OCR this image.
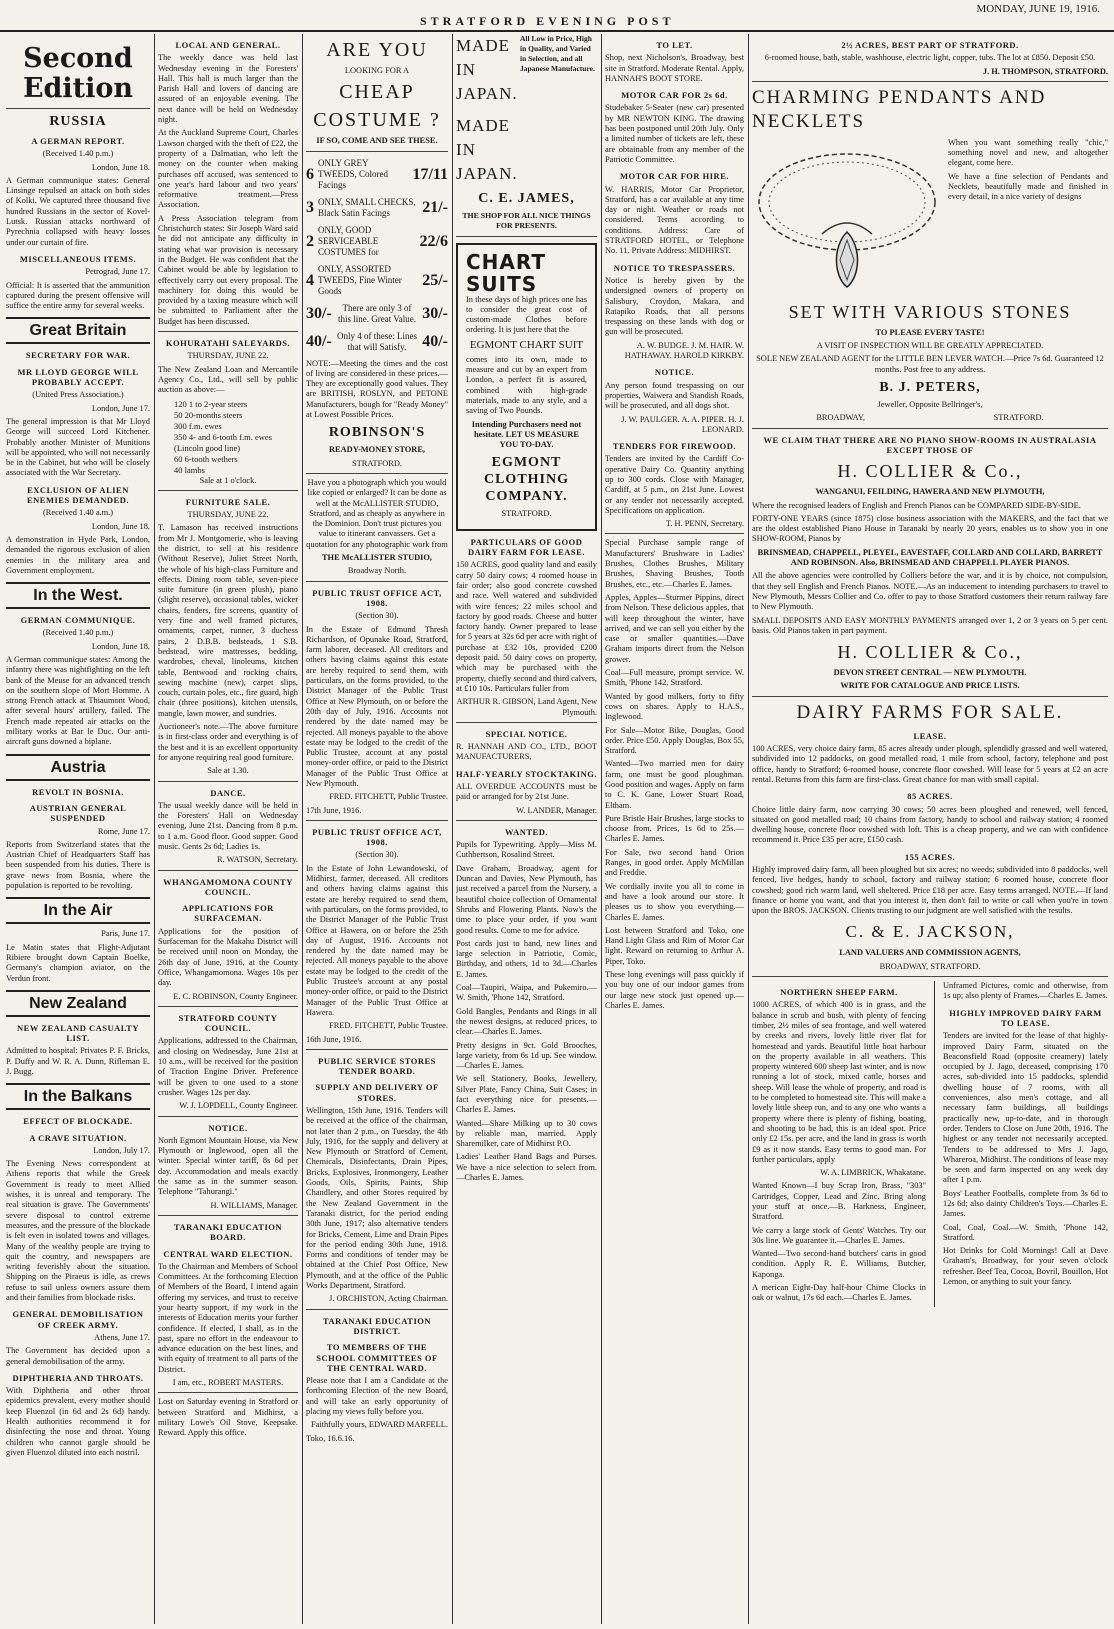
STRATFORD EVENING POST
MONDAY, JUNE 19, 1916.
Second Edition
RUSSIA
A GERMAN REPORT.

(Received 1.40 p.m.)

London, June 18.

A German communique states: General Linsinge repulsed an attack on both sides of Kolki. We captured three thousand five hundred Russians in the sector of Kovel-Lutsk. Russian attacks northward of Pyrechnia collapsed with heavy losses under our curtain of fire.

MISCELLANEOUS ITEMS.

Petrograd, June 17.

Official: It is asserted that the ammunition captured during the present offensive will suffice the entire army for several weeks.

Great Britain
SECRETARY FOR WAR.
MR LLOYD GEORGE WILL PROBABLY ACCEPT.

(United Press Association.)

London, June 17.

The general impression is that Mr Lloyd George will succeed Lord Kitchener. Probably another Minister of Munitions will be appointed, who will not necessarily be in the Cabinet, but who will be closely associated with the War Secretary.

EXCLUSION OF ALIEN ENEMIES DEMANDED.

(Received 1.40 a.m.)

London, June 18.

A demonstration in Hyde Park, London, demanded the rigorous exclusion of alien enemies in the military area and Government employment.

In the West.
GERMAN COMMUNIQUE.

(Received 1.40 p.m.)

London, June 18.

A German communique states: Among the infantry there was nightfighting on the left bank of the Meuse for an advanced trench on the southern slope of Mort Homme. A strong French attack at Thiaumont Wood, after several hours' artillery, failed. The French made repeated air attacks on the military works at Bar le Duc. Our anti-aircraft guns downed a biplane.

Austria
REVOLT IN BOSNIA.
AUSTRIAN GENERAL SUSPENDED

Rome, June 17.

Reports from Switzerland states that the Austrian Chief of Headquarters Staff has been suspended from his duties. There is grave news from Bosnia, where the population is reported to be revolting.

In the Air

Paris, June 17.

Le Matin states that Flight-Adjutant Ribiere brought down Captain Boelke, Germany's champion aviator, on the Verdun front.

New Zealand
NEW ZEALAND CASUALTY LIST.

Admitted to hospital: Privates P. F. Bricks, P. Duffy and W. R. A. Dunn, Rifleman E. J. Bugg.

In the Balkans
EFFECT OF BLOCKADE.
A CRAVE SITUATION.

London, July 17.

The Evening News correspondent at Athens reports that while the Greek Government is ready to meet Allied wishes, it is unreal and temporary. The real situation is grave. The Governments' severe disposal to control extreme measures, and the pressure of the blockade is felt even in isolated towns and villages. Many of the wealthy people are trying to quit the country, and newspapers are writing feverishly about the situation. Shipping on the Piraeus is idle, as crews refuse to sail unless owners assure them and their families from blockade risks.

GENERAL DEMOBILISATION OF CREEK ARMY.

Athens, June 17.

The Government has decided upon a general demobilisation of the army.

DIPHTHERIA AND THROATS.

With Diphtheria and other throat epidemics prevalent, every mother should keep Fluenzol (in 6d and 2s 6d) handy. Health authorities recommend it for disinfecting the nose and throat. Young children who cannot gargle should be given Fluenzol diluted into each nostril.

LOCAL AND GENERAL.

The weekly dance was held last Wednesday evening in the Foresters' Hall. This hall is much larger than the Parish Hall and lovers of dancing are assured of an enjoyable evening. The next dance will be held on Wednesday night.

At the Auckland Supreme Court, Charles Lawson charged with the theft of £22, the property of a Dalmatian, who left the money on the counter when making purchases off accused, was sentenced to one year's hard labour and two years' reformative treatment.—Press Association.

A Press Association telegram from Christchurch states: Sir Joseph Ward said he did not anticipate any difficulty in stating what war provision is necessary in the Budget. He was confident that the Cabinet would be able by legislation to effectively carry out every proposal. The machinery for doing this would be provided by a taxing measure which will be submitted to Parliament after the Budget has been discussed.

KOHURATAHI SALEYARDS.

THURSDAY, JUNE 22.

The New Zealand Loan and Mercantile Agency Co., Ltd., will sell by public auction as above:—

120 1 to 2-year steers
50 20-months steers
300 f.m. ewes
350 4- and 6-tooth f.m. ewes (Lincoln good line)
60 6-tooth wethers
40 lambs

Sale at 1 o'clock.

FURNITURE SALE.

THURSDAY, JUNE 22.

T. Lamason has received instructions from Mr J. Montgomerie, who is leaving the district, to sell at his residence (Without Reserve), Juliet Street North, the whole of his high-class Furniture and effects. Dining room table, seven-piece suite furniture (in green plush), piano (slight reserve), occasional tables, wicker chairs, fenders, fire screens, quantity of very fine and well framed pictures, ornaments, carpet, runner, 3 duchess pairs, 2 D.B.B. bedsteads, 1 S.B. bedstead, wire mattresses, bedding, wardrobes, cheval, linoleums, kitchen table, Bentwood and rocking chairs, sewing machine (new), carpet slips, couch, curtain poles, etc., fire guard, high chair (three positions), kitchen utensils, mangle, lawn mower, and sundries.

Auctioneer's note.—The above furniture is in first-class order and everything is of the best and it is an excellent opportunity for anyone requiring real good furniture.

Sale at 1.30.

DANCE.

The usual weekly dance will be held in the Foresters' Hall on Wednesday evening, June 21st. Dancing from 8 p.m. to 1 a.m. Good floor. Good supper. Good music. Gents 2s 6d; Ladies 1s.

R. WATSON, Secretary.

WHANGAMOMONA COUNTY COUNCIL.
APPLICATIONS FOR SURFACEMAN.

Applications for the position of Surfaceman for the Makahu District will be received until noon on Monday, the 26th day of June, 1916, at the County Office, Whangamomona. Wages 10s per day.

E. C. ROBINSON, County Engineer.

STRATFORD COUNTY COUNCIL.

Applications, addressed to the Chairman, and closing on Wednesday, June 21st at 10 a.m., will be received for the position of Traction Engine Driver. Preference will be given to one used to a stone crusher. Wages 12s per day.

W. J. LOPDELL, County Engineer.

NOTICE.

North Egmont Mountain House, via New Plymouth or Inglewood, open all the winter. Special winter tariff, 8s 6d per day. Accommodation and meals exactly the same as in the summer season. Telephone "Tahurangi."

H. WILLIAMS, Manager.

TARANAKI EDUCATION BOARD.
CENTRAL WARD ELECTION.

To the Chairman and Members of School Committees. At the forthcoming Election of Members of the Board, I intend again offering my services, and trust to receive your hearty support, if my work in the interests of Education merits your further confidence. If elected, I shall, as in the past, spare no effort in the endeavour to advance education on the best lines, and with equity of treatment to all parts of the District.

I am, etc., ROBERT MASTERS.

Lost on Saturday evening in Stratford or between Stratford and Midhirst, a military Lowe's Oil Stove, Keepsake. Reward. Apply this office.

ARE YOU

LOOKING FOR A

CHEAP
COSTUME ?

IF SO, COME AND SEE THESE.

6
ONLY GREY TWEEDS, Colored Facings
17/11
3 ONLY, SMALL CHECKS, Black Satin Facings	21/-
2
ONLY, GOOD SERVICEABLE COSTUMES for
22/6
4
ONLY, ASSORTED TWEEDS, Fine Winter Goods
25/-
30/-	There are only 3 of this line. Great Value. 30/-
40/- Only 4 of these: Lines that will Satisfy. 40/-

NOTE:—Meeting the times and the cost of living are considered in these prices.—They are exceptionally good values. They are BRITISH, ROSLYN, and PETONE Manufacturers, bough for "Ready Money" at Lowest Possible Prices.

ROBINSON'S

READY-MONEY STORE,

STRATFORD.

Have you a photograph which you would like copied or enlarged? It can be done as well at the McALLISTER STUDIO, Stratford, and as cheaply as anywhere in the Dominion. Don't trust pictures you value to itinerant canvassers. Get a quotation for any photographic work from

THE McALLISTER STUDIO,

Broadway North.

PUBLIC TRUST OFFICE ACT, 1908.

(Section 30).

In the Estate of Edmund Thresh Richardson, of Opunake Road, Stratford, farm laborer, deceased. All creditors and others having claims against this estate are hereby required to send them, with particulars, on the forms provided, to the District Manager of the Public Trust Office at New Plymouth, on or before the 20th day of July, 1916. Accounts not rendered by the date named may be rejected. All moneys payable to the above estate may be lodged to the credit of the Public Trustee, account at any postal money-order office, or paid to the District Manager of the Public Trust Office at New Plymouth.

FRED. FITCHETT, Public Trustee.

17th June, 1916.

PUBLIC TRUST OFFICE ACT, 1908.

(Section 30).

In the Estate of John Lewandowski, of Midhirst, farmer, deceased. All creditors and others having claims against this estate are hereby required to send them, with particulars, on the forms provided, to the District Manager of the Public Trust Office at Hawera, on or before the 25th day of August, 1916. Accounts not rendered by the date named may be rejected. All moneys payable to the above estate may be lodged to the credit of the Public Trustee's account at any postal money-order office, or paid to the District Manager of the Public Trust Office at Hawera.

FRED. FITCHETT, Public Trustee.

16th June, 1916.

PUBLIC SERVICE STORES TENDER BOARD.
SUPPLY AND DELIVERY OF STORES.

Wellington, 15th June, 1916. Tenders will be received at the office of the chairman, not later than 2 p.m., on Tuesday, the 4th July, 1916, for the supply and delivery at New Plymouth or Stratford of Cement, Chemicals, Disinfectants, Drain Pipes, Bricks, Explosives, Ironmongery, Leather Goods, Oils, Spirits, Paints, Ship Chandlery, and other Stores required by the New Zealand Government in the Taranaki district, for the period ending 30th June, 1917; also alternative tenders for Bricks, Cement, Lime and Drain Pipes for the period ending 30th June, 1918. Forms and conditions of tender may be obtained at the Chief Post Office, New Plymouth, and at the office of the Public Works Department, Stratford.

J. ORCHISTON, Acting Chairman.

TARANAKI EDUCATION DISTRICT.
TO MEMBERS OF THE SCHOOL COMMITTEES OF THE CENTRAL WARD.

Please note that I am a Candidate at the forthcoming Election of the new Board, and will take an early opportunity of placing my views fully before you.

Faithfully yours, EDWARD MARFELL.

Toko, 16.6.16.

MADE IN JAPAN.
All Low in Price, High in Quality, and Varied in Selection, and all Japanese Manufacture.
MADE IN JAPAN.
C. E. JAMES,

THE SHOP FOR ALL NICE THINGS FOR PRESENTS.

CHART SUITS

In these days of high prices one has to consider the great cost of custom-made Clothes before ordering. It is just here that the

EGMONT CHART SUIT

comes into its own, made to measure and cut by an expert from London, a perfect fit is assured, combined with high-grade materials, made to any style, and a saving of Two Pounds.

Intending Purchasers need not hesitate. LET US MEASURE YOU TO-DAY.

EGMONT CLOTHING COMPANY.

STRATFORD.

PARTICULARS OF GOOD DAIRY FARM FOR LEASE.

150 ACRES, good quality land and easily carry 50 dairy cows; 4 roomed house in fair order; also good concrete cowshed and race. Well watered and subdivided with wire fences; 22 miles school and factory by good roads. Cheese and butter factory handy. Owner prepared to lease for 5 years at 32s 6d per acre with right of purchase at £32 10s, provided £200 deposit paid. 50 dairy cows on property, which may be purchased with the property, chiefly second and third calvers, at £10 10s. Particulars fuller from

ARTHUR R. GIBSON, Land Agent, New Plymouth.

SPECIAL NOTICE.

R. HANNAH AND CO., LTD., BOOT MANUFACTURERS,

HALF-YEARLY STOCKTAKING.

ALL OVERDUE ACCOUNTS must be paid or arranged for by 21st June.

W. LANDER, Manager.

WANTED.

Pupils for Typewriting. Apply—Miss M. Cuthbertson, Rosalind Street.

Dave Graham, Broadway, agent for Duncan and Davies, New Plymouth, has just received a parcel from the Nursery, a beautiful choice collection of Ornamental Shrubs and Flowering Plants. Now's the time to place your order, if you want good results. Come to me for advice.

Post cards just to hand, new lines and large selection in Patriotic, Comic, Birthday, and others, 1d to 3d.—Charles E. James.

Coal—Taupiri, Waipa, and Pukemiro.—W. Smith, 'Phone 142, Stratford.

Gold Bangles, Pendants and Rings in all the newest designs, at reduced prices, to clear.—Charles E. James.

Pretty designs in 9ct. Gold Brooches, large variety, from 6s 1d up. See window.—Charles E. James.

We sell Stationery, Books, Jewellery, Silver Plate, Fancy China, Suit Cases; in fact everything nice for presents.—Charles E. James.

Wanted—Share Milking up to 30 cows by reliable man, married. Apply Sharemilker, care of Midhirst P.O.

Ladies' Leather Hand Bags and Purses. We have a nice selection to select from.—Charles E. James.

TO LET.

Shop, next Nicholson's, Broadway, best site in Stratford. Moderate Rental. Apply, HANNAH'S BOOT STORE.

MOTOR CAR FOR 2s 6d.

Studebaker 5-Seater (new car) presented by MR NEWTON KING. The drawing has been postponed until 20th July. Only a limited number of tickets are left, these are obtainable from any member of the Patriotic Committee.

MOTOR CAR FOR HIRE.

W. HARRIS, Motor Car Proprietor, Stratford, has a car available at any time day or night. Weather or roads not considered. Terms according to conditions. Address: Care of STRATFORD HOTEL, or Telephone No. 11. Private Address: MIDHIRST.

NOTICE TO TRESPASSERS.

Notice is hereby given by the undersigned owners of property on Salisbury, Croydon, Makara, and Ratapiko Roads, that all persons trespassing on these lands with dog or gun will be prosecuted.

A. W. BUDGE. J. M. HAIR. W. HATHAWAY. HAROLD KIRKBY.

NOTICE.

Any person found trespassing on our properties, Waiwera and Standish Roads, will be prosecuted, and all dogs shot.

J. W. PAULGER. A. A. PIPER. H. J. LEONARD.

TENDERS FOR FIREWOOD.

Tenders are invited by the Cardiff Co-operative Dairy Co. Quantity anything up to 300 cords. Close with Manager, Cardiff, at 5 p.m., on 21st June. Lowest or any tender not necessarily accepted. Specifications on application.

T. H. PENN, Secretary.

Special Purchase sample range of Manufacturers' Brushware in Ladies' Brushes, Clothes Brushes, Military Brushes, Shaving Brushes, Tooth Brushes, etc., etc.—Charles E. James.

Apples, Apples—Sturmer Pippins, direct from Nelson. These delicious apples, that will keep throughout the winter, have arrived, and we can sell you either by the case or smaller quantities.—Dave Graham imports direct from the Nelson grower.

Coal—Full measure, prompt service. W. Smith, 'Phone 142, Stratford.

Wanted by good milkers, forty to fifty cows on shares. Apply to H.A.S., Inglewood.

For Sale—Motor Bike, Douglas, Good order. Price £50. Apply Douglas, Box 55, Stratford.

Wanted—Two married men for dairy farm, one must be good ploughman. Good position and wages. Apply on farm to C. K. Gane, Lower Stuart Road, Eltham.

Pure Bristle Hair Brushes, large stocks to choose from. Prices, 1s 6d to 25s.—Charles E. James.

For Sale, two second hand Orion Ranges, in good order. Apply McMillan and Freddie.

We cordially invite you all to come in and have a look around our store. It pleases us to show you everything.—Charles E. James.

Lost between Stratford and Toko, one Hand Light Glass and Rim of Motor Car light. Reward on returning to Arthur A. Piper, Toko.

These long evenings will pass quickly if you buy one of our indoor games from our large new stock just opened up.—Charles E. James.

2½ ACRES, BEST PART OF STRATFORD.

6-roomed house, bath, stable, washhouse, electric light, copper, tubs. The lot at £850. Deposit £50.

J. H. THOMPSON, STRATFORD.

CHARMING PENDANTS AND NECKLETS

When you want something really "chic," something novel and new, and altogether elegant, come here.

We have a fine selection of Pendants and Necklets, beautifully made and finished in every detail, in a nice variety of designs

SET WITH VARIOUS STONES

TO PLEASE EVERY TASTE!

A VISIT OF INSPECTION WILL BE GREATLY APPRECIATED.

SOLE NEW ZEALAND AGENT for the LITTLE BEN LEVER WATCH.—Price 7s 6d. Guaranteed 12 months. Post free to any address.

B. J. PETERS,

Jeweller, Opposite Bellringer's,

BROADWAY,	STRATFORD.
WE CLAIM THAT THERE ARE NO PIANO SHOW-ROOMS IN AUSTRALASIA EXCEPT THOSE OF
H. COLLIER & Co.,

WANGANUI, FEILDING, HAWERA AND NEW PLYMOUTH,

Where the recognised leaders of English and French Pianos can be COMPARED SIDE-BY-SIDE.

FORTY-ONE YEARS (since 1875) close business association with the MAKERS, and the fact that we are the oldest established Piano House in Taranaki by nearly 20 years, enables us to show you in one SHOW-ROOM, Pianos by

BRINSMEAD, CHAPPELL, PLEYEL, EAVESTAFF, COLLARD AND COLLARD, BARRETT AND ROBINSON. Also, BRINSMEAD AND CHAPPELL PLAYER PIANOS.

All the above agencies were controlled by Colliers before the war, and it is by choice, not compulsion, that they sell English and French Pianos. NOTE.—As an inducement to intending purchasers to travel to New Plymouth, Messrs Collier and Co. offer to pay to those Stratford customers their return railway fare to New Plymouth.

SMALL DEPOSITS AND EASY MONTHLY PAYMENTS arranged over 1, 2 or 3 years on 5 per cent. basis. Old Pianos taken in part payment.

H. COLLIER & Co.,

DEVON STREET CENTRAL — NEW PLYMOUTH.

WRITE FOR CATALOGUE AND PRICE LISTS.

DAIRY FARMS FOR SALE.
LEASE.

100 ACRES, very choice dairy farm, 85 acres already under plough, splendidly grassed and well watered, subdivided into 12 paddocks, on good metalled road, 1 mile from school, factory, telephone and post office, handy to Stratford; 6-roomed house, concrete floor cowshed. Will lease for 5 years at £2 an acre rental. Returns from this farm are first-class. Great chance for man with small capital.

85 ACRES.

Choice little dairy farm, now carrying 30 cows; 50 acres been ploughed and renewed, well fenced, situated on good metalled road; 10 chains from factory, handy to school and railway station; 4 roomed dwelling house, concrete floor cowshed with loft. This is a cheap property, and we can with confidence recommend it. Price £35 per acre, £150 cash.

155 ACRES.

Highly improved dairy farm, all been ploughed but six acres; no weeds; subdivided into 8 paddocks, well fenced, live hedges, handy to school, factory and railway station; 6 roomed house, concrete floor cowshed; good rich warm land, well sheltered. Price £18 per acre. Easy terms arranged. NOTE.—If land finance or home you want, and that you interest it, then don't fail to write or call when you're in town upon the BROS. JACKSON. Clients trusting to our judgment are well satisfied with the results.

C. & E. JACKSON,

LAND VALUERS AND COMMISSION AGENTS,

BROADWAY, STRATFORD.

NORTHERN SHEEP FARM.

1000 ACRES, of which 400 is in grass, and the balance in scrub and bush, with plenty of fencing timber, 2½ miles of sea frontage, and well watered by creeks and rivers, lovely little river flat for homestead and yards. Beautiful little boat harbour on the property available in all weathers. This property wintered 600 sheep last winter, and is now running a lot of stock, mixed cattle, horses and sheep. Will lease the whole of property, and road is to be completed to homestead site. This will make a lovely little sheep run, and to any one who wants a property where there is plenty of fishing, boating, and shooting to be had, this is an ideal spot. Price only £2 15s. per acre, and the land in grass is worth £9 as it now stands. Easy terms to good man. For further particulars, apply

W. A. LIMBRICK, Whakatane.

Wanted Known—I buy Scrap Iron, Brass, "303" Cartridges, Copper, Lead and Zinc. Bring along your stuff at once.—B. Harkness, Engineer, Stratford.

We carry a large stock of Gents' Watches. Try our 30s line. We guarantee it.—Charles E. James.

Wanted—Two second-hand butchers' carts in good condition. Apply R. E. Williams, Butcher, Kaponga.

A merican Eight-Day half-hour Chime Clocks in oak or walnut, 17s 6d each.—Charles E. James.

Unframed Pictures, comic and otherwise, from 1s up; also plenty of Frames.—Charles E. James.

HIGHLY IMPROVED DAIRY FARM TO LEASE.

Tenders are invited for the lease of that highly-improved Dairy Farm, situated on the Beaconsfield Road (opposite creamery) lately occupied by J. Jago, deceased, comprising 170 acres, sub-divided into 15 paddocks, splendid dwelling house of 7 rooms, with all conveniences, also men's cottage, and all necessary farm buildings, all buildings practically new, up-to-date, and in thorough order. Tenders to Close on June 20th, 1916. The highest or any tender not necessarily accepted. Tenders to be addressed to Mrs J. Jago, Whareroa, Midhirst. The conditions of lease may be seen and farm inspected on any week day after 1 p.m.

Boys' Leather Footballs, complete from 3s 6d to 12s 6d; also dainty Children's Toys.—Charles E. James.

Coal, Coal, Coal.—W. Smith, 'Phone 142, Stratford.

Hot Drinks for Cold Mornings! Call at Dave Graham's, Broadway, for your seven o'clock refresher. Beef Tea, Cocoa, Bovril, Bouillon, Hot Lemon, or anything to suit your fancy.
